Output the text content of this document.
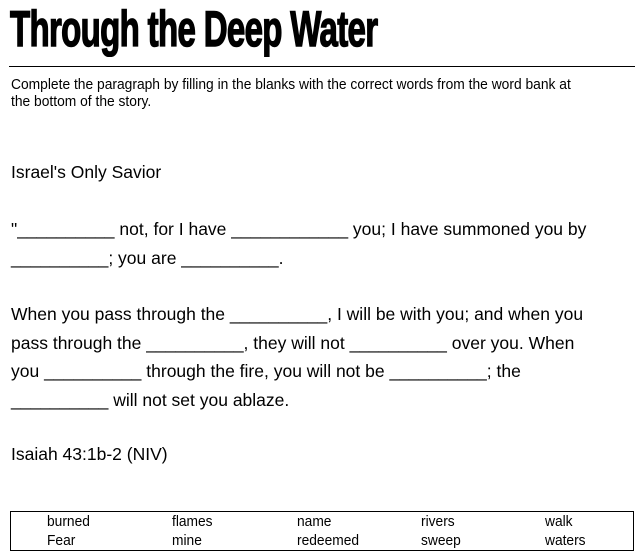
Through the Deep Water
Complete the paragraph by filling in the blanks with the correct words from the word bank at the bottom of the story.
Israel's Only Savior
"__________ not, for I have ____________ you; I have summoned you by
__________; you are __________.
When you pass through the __________, I will be with you; and when you
pass through the __________, they will not __________ over you. When
you __________ through the fire, you will not be __________; the
__________ will not set you ablaze.
Isaiah 43:1b-2 (NIV)
burned	flames	name	rivers	walk
Fear	mine	redeemed	sweep	waters
